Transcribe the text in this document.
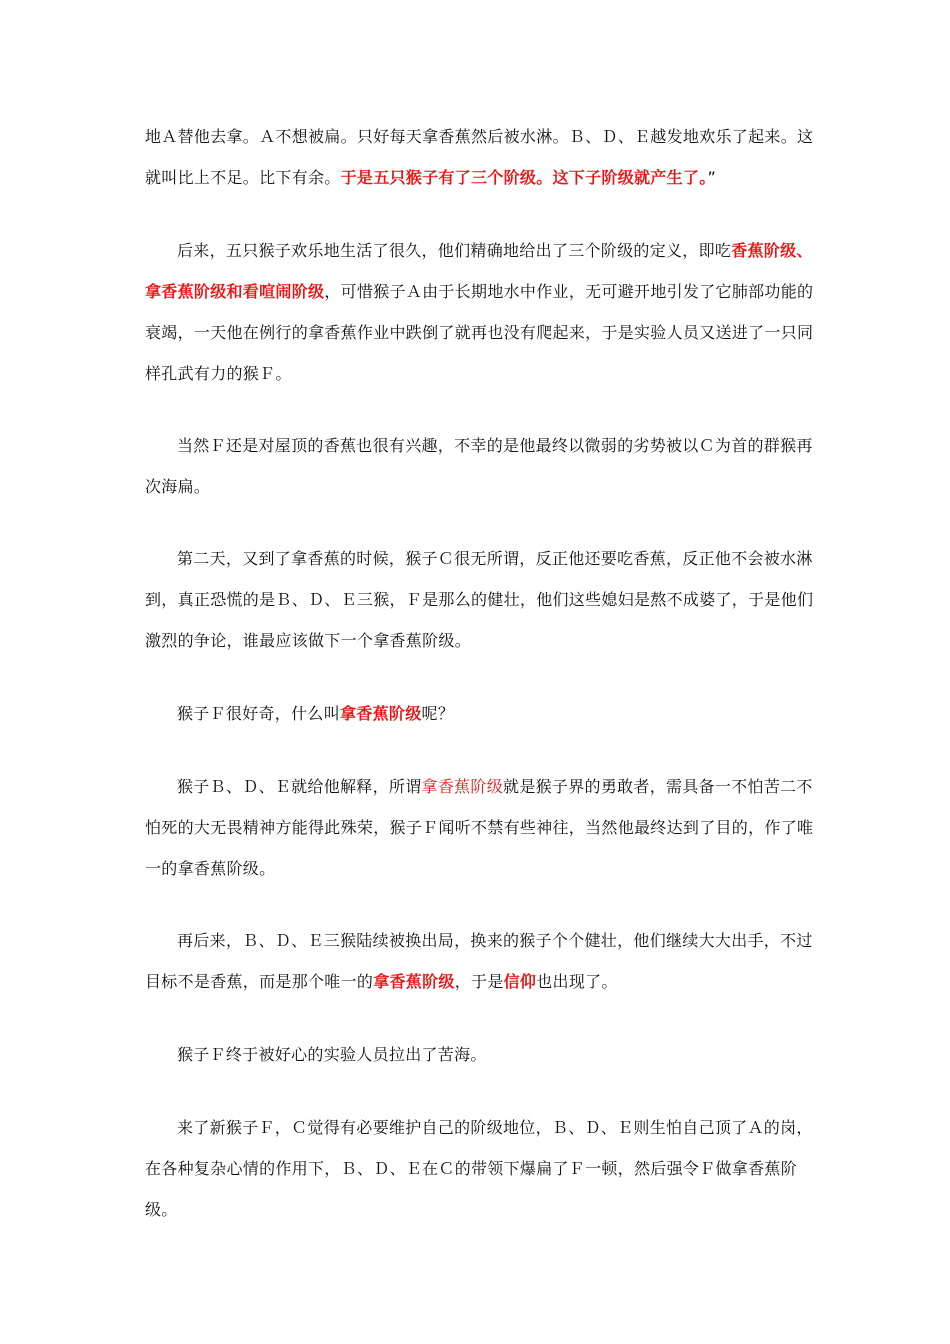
地Ａ替他去拿。Ａ不想被扁。只好每天拿香蕉然后被水淋。Ｂ、Ｄ、Ｅ越发地欢乐了起来。这就叫比上不足。比下有余。于是五只猴子有了三个阶级。这下子阶级就产生了。”

后来，五只猴子欢乐地生活了很久，他们精确地给出了三个阶级的定义，即吃香蕉阶级、拿香蕉阶级和看喧闹阶级，可惜猴子Ａ由于长期地水中作业，无可避开地引发了它肺部功能的衰竭，一天他在例行的拿香蕉作业中跌倒了就再也没有爬起来，于是实验人员又送进了一只同样孔武有力的猴Ｆ。

当然Ｆ还是对屋顶的香蕉也很有兴趣，不幸的是他最终以微弱的劣势被以Ｃ为首的群猴再次海扁。

第二天，又到了拿香蕉的时候，猴子Ｃ很无所谓，反正他还要吃香蕉，反正他不会被水淋到，真正恐慌的是Ｂ、Ｄ、Ｅ三猴，Ｆ是那么的健壮，他们这些媳妇是熬不成婆了，于是他们激烈的争论，谁最应该做下一个拿香蕉阶级。

猴子Ｆ很好奇，什么叫拿香蕉阶级呢？

猴子Ｂ、Ｄ、Ｅ就给他解释，所谓拿香蕉阶级就是猴子界的勇敢者，需具备一不怕苦二不怕死的大无畏精神方能得此殊荣，猴子Ｆ闻听不禁有些神往，当然他最终达到了目的，作了唯一的拿香蕉阶级。

再后来，Ｂ、Ｄ、Ｅ三猴陆续被换出局，换来的猴子个个健壮，他们继续大大出手，不过目标不是香蕉，而是那个唯一的拿香蕉阶级，于是信仰也出现了。

猴子Ｆ终于被好心的实验人员拉出了苦海。

来了新猴子Ｆ，Ｃ觉得有必要维护自己的阶级地位，Ｂ、Ｄ、Ｅ则生怕自己顶了Ａ的岗，在各种复杂心情的作用下，Ｂ、Ｄ、Ｅ在Ｃ的带领下爆扁了Ｆ一顿，然后强令Ｆ做拿香蕉阶级。
